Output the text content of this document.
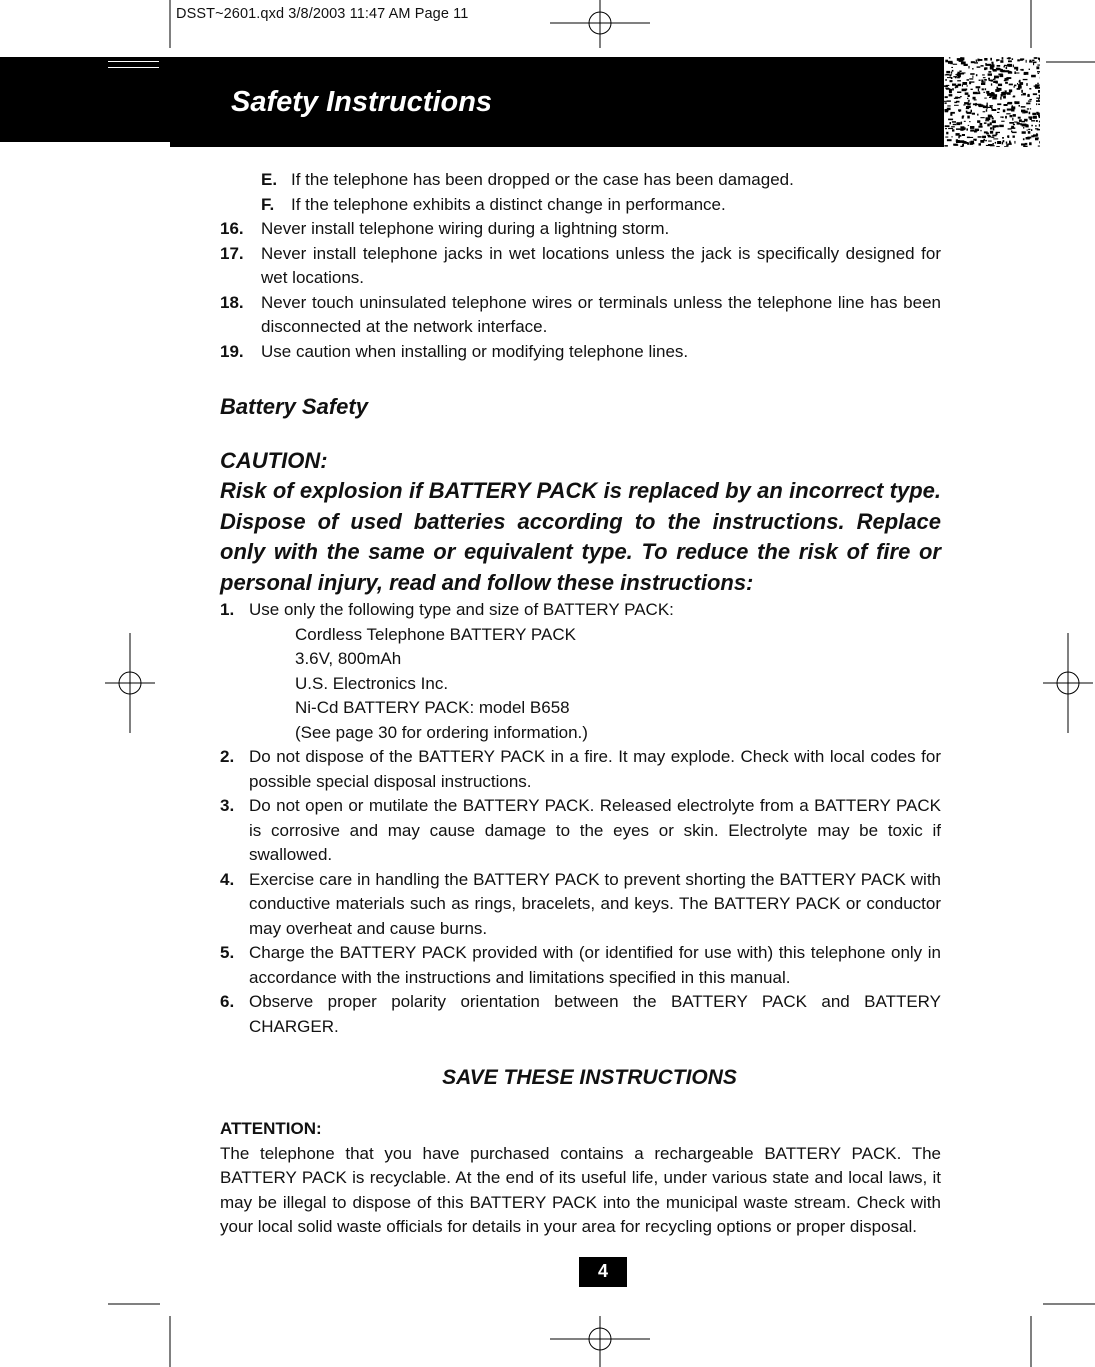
DSST~2601.qxd 3/8/2003 11:47 AM Page 11
Safety Instructions
E. If the telephone has been dropped or the case has been damaged.
F. If the telephone exhibits a distinct change in performance.
16.	Never install telephone wiring during a lightning storm.
17.	Never install telephone jacks in wet locations unless the jack is specifically designed for wet locations.
18.	Never touch uninsulated telephone wires or terminals unless the telephone line has been disconnected at the network interface.
19.	Use caution when installing or modifying telephone lines.
Battery Safety
CAUTION:
Risk of explosion if BATTERY PACK is replaced by an incorrect type. Dispose of used batteries according to the instructions. Replace only with the same or equivalent type. To reduce the risk of fire or personal injury, read and follow these instructions:
1. Use only the following type and size of BATTERY PACK:
Cordless Telephone BATTERY PACK
3.6V, 800mAh
U.S. Electronics Inc.
Ni-Cd BATTERY PACK: model B658
(See page 30 for ordering information.)
2. Do not dispose of the BATTERY PACK in a fire. It may explode. Check with local codes for possible special disposal instructions.
3. Do not open or mutilate the BATTERY PACK. Released electrolyte from a BATTERY PACK is corrosive and may cause damage to the eyes or skin. Electrolyte may be toxic if swallowed.
4. Exercise care in handling the BATTERY PACK to prevent shorting the BATTERY PACK with conductive materials such as rings, bracelets, and keys. The BATTERY PACK or conductor may overheat and cause burns.
5. Charge the BATTERY PACK provided with (or identified for use with) this telephone only in accordance with the instructions and limitations specified in this manual.
6. Observe proper polarity orientation between the BATTERY PACK and BATTERY CHARGER.
SAVE THESE INSTRUCTIONS
ATTENTION:
The telephone that you have purchased contains a rechargeable BATTERY PACK. The BATTERY PACK is recyclable. At the end of its useful life, under various state and local laws, it may be illegal to dispose of this BATTERY PACK into the municipal waste stream. Check with your local solid waste officials for details in your area for recycling options or proper disposal.
4
